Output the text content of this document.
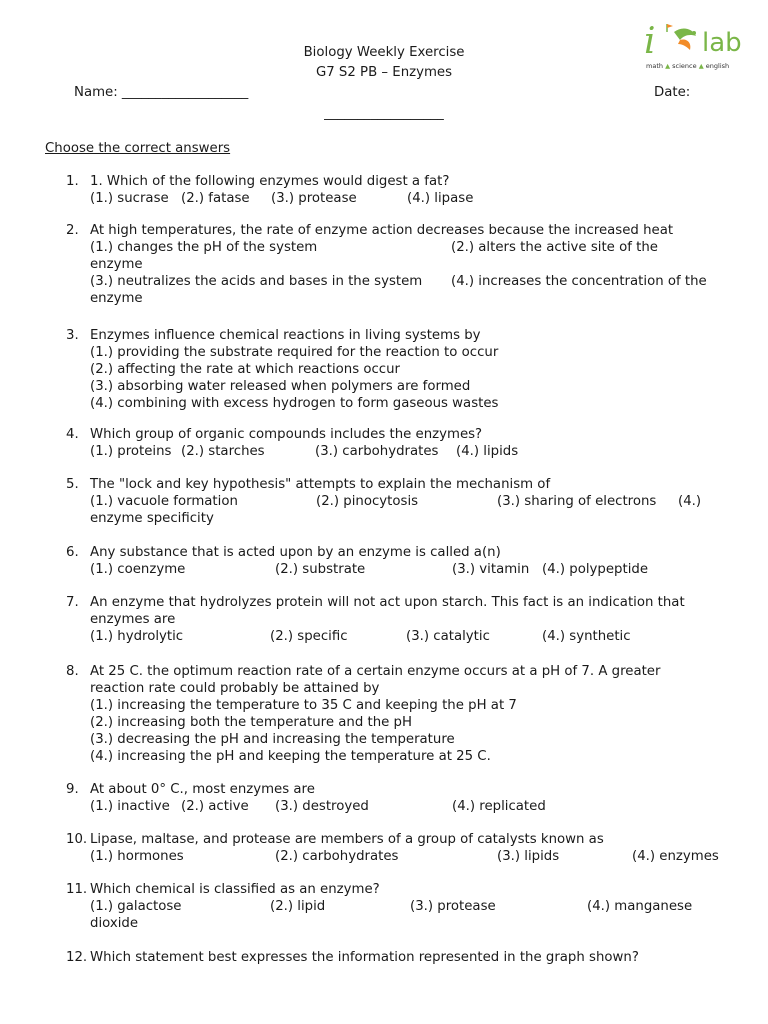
Biology Weekly Exercise
G7 S2 PB – Enzymes
Name: ___________________	Date:
__________________
i lab
math ▲ science ▲ english
Choose the correct answers
1. 1. Which of the following enzymes would digest a fat?
(1.) sucrase (2.) fatase (3.) protease	(4.) lipase
2. At high temperatures, the rate of enzyme action decreases because the increased heat
(1.) changes the pH of the system	(2.) alters the active site of the
enzyme
(3.) neutralizes the acids and bases in the system (4.) increases the concentration of the
enzyme
3. Enzymes influence chemical reactions in living systems by
(1.) providing the substrate required for the reaction to occur
(2.) affecting the rate at which reactions occur
(3.) absorbing water released when polymers are formed
(4.) combining with excess hydrogen to form gaseous wastes
4. Which group of organic compounds includes the enzymes?
(1.) proteins (2.) starches	(3.) carbohydrates (4.) lipids
5. The "lock and key hypothesis" attempts to explain the mechanism of
(1.) vacuole formation	(2.) pinocytosis	(3.) sharing of electrons (4.)
enzyme specificity
6. Any substance that is acted upon by an enzyme is called a(n)
(1.) coenzyme	(2.) substrate	(3.) vitamin (4.) polypeptide
7. An enzyme that hydrolyzes protein will not act upon starch. This fact is an indication that
enzymes are
(1.) hydrolytic	(2.) specific	(3.) catalytic	(4.) synthetic
8. At 25 C. the optimum reaction rate of a certain enzyme occurs at a pH of 7. A greater
reaction rate could probably be attained by
(1.) increasing the temperature to 35 C and keeping the pH at 7
(2.) increasing both the temperature and the pH
(3.) decreasing the pH and increasing the temperature
(4.) increasing the pH and keeping the temperature at 25 C.
9. At about 0° C., most enzymes are
(1.) inactive (2.) active (3.) destroyed	(4.) replicated
10. Lipase, maltase, and protease are members of a group of catalysts known as
(1.) hormones	(2.) carbohydrates	(3.) lipids	(4.) enzymes
11. Which chemical is classified as an enzyme?
(1.) galactose	(2.) lipid	(3.) protease	(4.) manganese
dioxide
12. Which statement best expresses the information represented in the graph shown?
